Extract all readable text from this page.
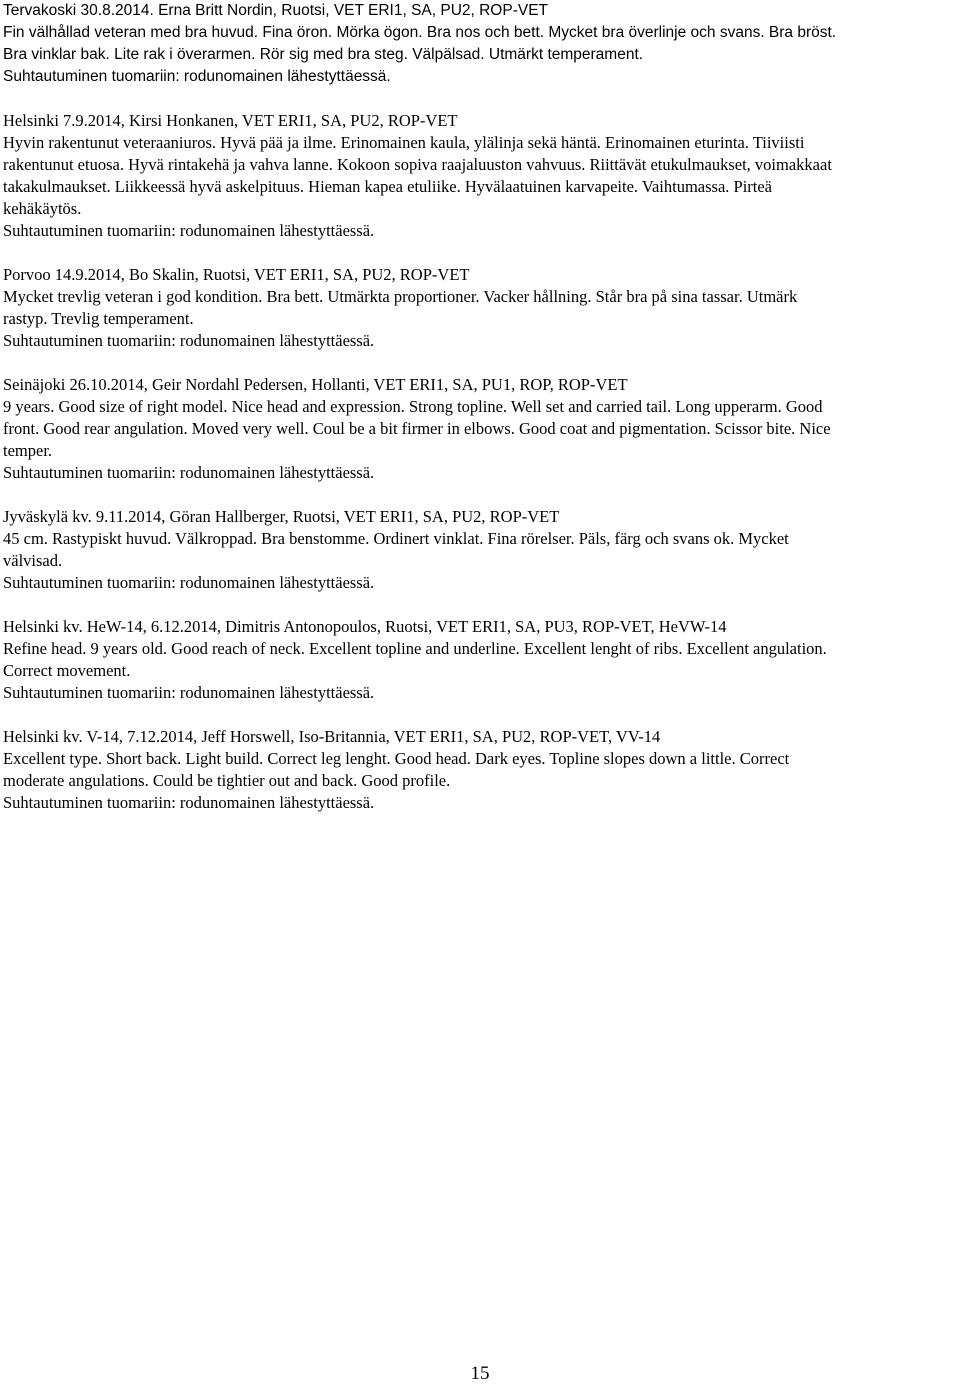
Tervakoski 30.8.2014. Erna Britt Nordin, Ruotsi, VET ERI1, SA, PU2, ROP-VET
Fin välhållad veteran med bra huvud. Fina öron. Mörka ögon. Bra nos och bett. Mycket bra överlinje och svans. Bra bröst.
Bra vinklar bak. Lite rak i överarmen. Rör sig med bra steg. Välpälsad. Utmärkt temperament.
Suhtautuminen tuomariin: rodunomainen lähestyttäessä.
Helsinki 7.9.2014, Kirsi Honkanen, VET ERI1, SA, PU2, ROP-VET
Hyvin rakentunut veteraaniuros. Hyvä pää ja ilme. Erinomainen kaula, ylälinja sekä häntä. Erinomainen eturinta. Tiiviisti
rakentunut etuosa. Hyvä rintakehä ja vahva lanne. Kokoon sopiva raajaluuston vahvuus. Riittävät etukulmaukset, voimakkaat
takakulmaukset. Liikkeessä hyvä askelpituus. Hieman kapea etuliike. Hyvälaatuinen karvapeite. Vaihtumassa. Pirteä
kehäkäytös.
Suhtautuminen tuomariin: rodunomainen lähestyttäessä.
Porvoo 14.9.2014, Bo Skalin, Ruotsi, VET ERI1, SA, PU2, ROP-VET
Mycket trevlig veteran i god kondition. Bra bett. Utmärkta proportioner. Vacker hållning. Står bra på sina tassar. Utmärk
rastyp. Trevlig temperament.
Suhtautuminen tuomariin: rodunomainen lähestyttäessä.
Seinäjoki 26.10.2014, Geir Nordahl Pedersen, Hollanti, VET ERI1, SA, PU1, ROP, ROP-VET
9 years. Good size of right model. Nice head and expression. Strong topline. Well set and carried tail. Long upperarm. Good
front. Good rear angulation. Moved very well. Coul be a bit firmer in elbows. Good coat and pigmentation. Scissor bite. Nice
temper.
Suhtautuminen tuomariin: rodunomainen lähestyttäessä.
Jyväskylä kv. 9.11.2014, Göran Hallberger, Ruotsi, VET ERI1, SA, PU2, ROP-VET
45 cm. Rastypiskt huvud. Välkroppad. Bra benstomme. Ordinert vinklat. Fina rörelser. Päls, färg och svans ok. Mycket
välvisad.
Suhtautuminen tuomariin: rodunomainen lähestyttäessä.
Helsinki kv. HeW-14, 6.12.2014, Dimitris Antonopoulos, Ruotsi, VET ERI1, SA, PU3, ROP-VET, HeVW-14
Refine head. 9 years old. Good reach of neck. Excellent topline and underline. Excellent lenght of ribs. Excellent angulation.
Correct movement.
Suhtautuminen tuomariin: rodunomainen lähestyttäessä.
Helsinki kv. V-14, 7.12.2014, Jeff Horswell, Iso-Britannia, VET ERI1, SA, PU2, ROP-VET, VV-14
Excellent type. Short back. Light build. Correct leg lenght. Good head. Dark eyes. Topline slopes down a little. Correct
moderate angulations. Could be tightier out and back. Good profile.
Suhtautuminen tuomariin: rodunomainen lähestyttäessä.
15
